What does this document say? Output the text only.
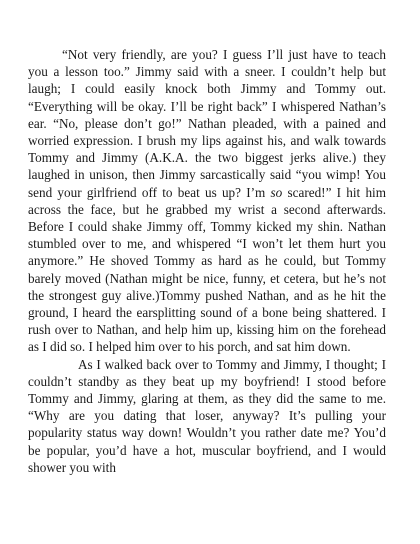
“Not very friendly, are you? I guess I’ll just have to teach you a lesson too.” Jimmy said with a sneer. I couldn’t help but laugh; I could easily knock both Jimmy and Tommy out. “Everything will be okay. I’ll be right back” I whispered Nathan’s ear. “No, please don’t go!” Nathan pleaded, with a pained and worried expression. I brush my lips against his, and walk towards Tommy and Jimmy (A.K.A. the two biggest jerks alive.) they laughed in unison, then Jimmy sarcastically said “you wimp! You send your girlfriend off to beat us up? I’m so scared!” I hit him across the face, but he grabbed my wrist a second afterwards. Before I could shake Jimmy off, Tommy kicked my shin. Nathan stumbled over to me, and whispered “I won’t let them hurt you anymore.” He shoved Tommy as hard as he could, but Tommy barely moved (Nathan might be nice, funny, et cetera, but he’s not the strongest guy alive.)Tommy pushed Nathan, and as he hit the ground, I heard the earsplitting sound of a bone being shattered. I rush over to Nathan, and help him up, kissing him on the forehead as I did so. I helped him over to his porch, and sat him down.

As I walked back over to Tommy and Jimmy, I thought; I couldn’t standby as they beat up my boyfriend! I stood before Tommy and Jimmy, glaring at them, as they did the same to me. “Why are you dating that loser, anyway? It’s pulling your popularity status way down! Wouldn’t you rather date me? You’d be popular, you’d have a hot, muscular boyfriend, and I would shower you with
